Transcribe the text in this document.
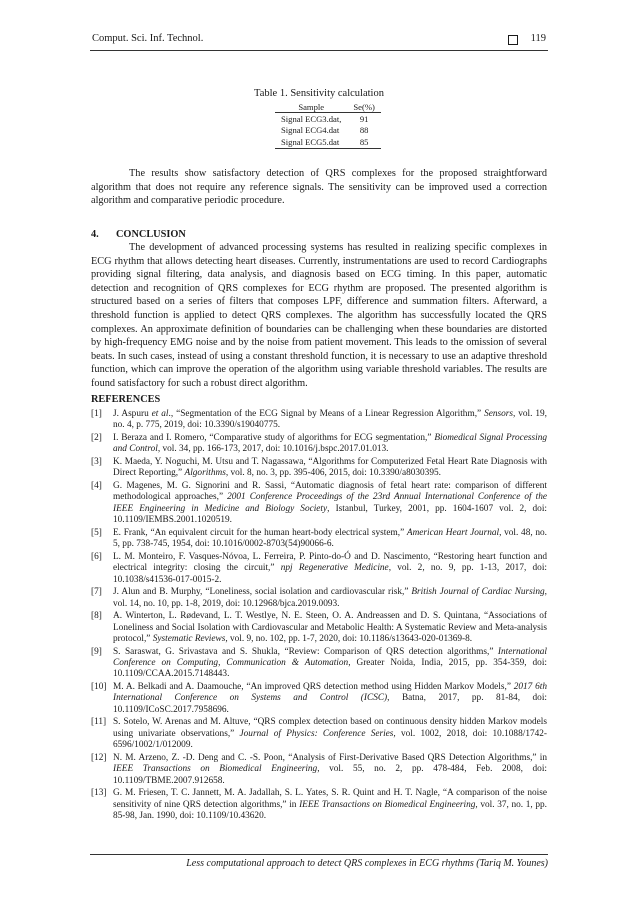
Comput. Sci. Inf. Technol.	119
Table 1. Sensitivity calculation
Sample	Se(%)
Signal ECG3.dat,	91
Signal ECG4.dat	88
Signal ECG5.dat	85
The results show satisfactory detection of QRS complexes for the proposed straightforward algorithm that does not require any reference signals. The sensitivity can be improved used a correction algorithm and comparative periodic procedure.
4. CONCLUSION
The development of advanced processing systems has resulted in realizing specific complexes in ECG rhythm that allows detecting heart diseases. Currently, instrumentations are used to record Cardiographs providing signal filtering, data analysis, and diagnosis based on ECG timing. In this paper, automatic detection and recognition of QRS complexes for ECG rhythm are proposed. The presented algorithm is structured based on a series of filters that composes LPF, difference and summation filters. Afterward, a threshold function is applied to detect QRS complexes. The algorithm has successfully located the QRS complexes. An approximate definition of boundaries can be challenging when these boundaries are distorted by high-frequency EMG noise and by the noise from patient movement. This leads to the omission of several beats. In such cases, instead of using a constant threshold function, it is necessary to use an adaptive threshold function, which can improve the operation of the algorithm using variable threshold variables. The results are found satisfactory for such a robust direct algorithm.
REFERENCES
[1] J. Aspuru et al., “Segmentation of the ECG Signal by Means of a Linear Regression Algorithm,” Sensors, vol. 19, no. 4, p. 775, 2019, doi: 10.3390/s19040775.
[2] I. Beraza and I. Romero, “Comparative study of algorithms for ECG segmentation,” Biomedical Signal Processing and Control, vol. 34, pp. 166-173, 2017, doi: 10.1016/j.bspc.2017.01.013.
[3] K. Maeda, Y. Noguchi, M. Utsu and T. Nagassawa, “Algorithms for Computerized Fetal Heart Rate Diagnosis with Direct Reporting,” Algorithms, vol. 8, no. 3, pp. 395-406, 2015, doi: 10.3390/a8030395.
[4] G. Magenes, M. G. Signorini and R. Sassi, “Automatic diagnosis of fetal heart rate: comparison of different methodological approaches,” 2001 Conference Proceedings of the 23rd Annual International Conference of the IEEE Engineering in Medicine and Biology Society, Istanbul, Turkey, 2001, pp. 1604-1607 vol. 2, doi: 10.1109/IEMBS.2001.1020519.
[5] E. Frank, “An equivalent circuit for the human heart-body electrical system,” American Heart Journal, vol. 48, no. 5, pp. 738-745, 1954, doi: 10.1016/0002-8703(54)90066-6.
[6] L. M. Monteiro, F. Vasques-Nóvoa, L. Ferreira, P. Pinto-do-Ó and D. Nascimento, “Restoring heart function and electrical integrity: closing the circuit,” npj Regenerative Medicine, vol. 2, no. 9, pp. 1-13, 2017, doi: 10.1038/s41536-017-0015-2.
[7] J. Alun and B. Murphy, “Loneliness, social isolation and cardiovascular risk,” British Journal of Cardiac Nursing, vol. 14, no. 10, pp. 1-8, 2019, doi: 10.12968/bjca.2019.0093.
[8] A. Winterton, L. Rødevand, L. T. Westlye, N. E. Steen, O. A. Andreassen and D. S. Quintana, “Associations of Loneliness and Social Isolation with Cardiovascular and Metabolic Health: A Systematic Review and Meta-analysis protocol,” Systematic Reviews, vol. 9, no. 102, pp. 1-7, 2020, doi: 10.1186/s13643-020-01369-8.
[9] S. Saraswat, G. Srivastava and S. Shukla, “Review: Comparison of QRS detection algorithms,” International Conference on Computing, Communication & Automation, Greater Noida, India, 2015, pp. 354-359, doi: 10.1109/CCAA.2015.7148443.
[10] M. A. Belkadi and A. Daamouche, “An improved QRS detection method using Hidden Markov Models,” 2017 6th International Conference on Systems and Control (ICSC), Batna, 2017, pp. 81-84, doi: 10.1109/ICoSC.2017.7958696.
[11] S. Sotelo, W. Arenas and M. Altuve, “QRS complex detection based on continuous density hidden Markov models using univariate observations,” Journal of Physics: Conference Series, vol. 1002, 2018, doi: 10.1088/1742-6596/1002/1/012009.
[12] N. M. Arzeno, Z. -D. Deng and C. -S. Poon, “Analysis of First-Derivative Based QRS Detection Algorithms,” in IEEE Transactions on Biomedical Engineering, vol. 55, no. 2, pp. 478-484, Feb. 2008, doi: 10.1109/TBME.2007.912658.
[13] G. M. Friesen, T. C. Jannett, M. A. Jadallah, S. L. Yates, S. R. Quint and H. T. Nagle, “A comparison of the noise sensitivity of nine QRS detection algorithms,” in IEEE Transactions on Biomedical Engineering, vol. 37, no. 1, pp. 85-98, Jan. 1990, doi: 10.1109/10.43620.
Less computational approach to detect QRS complexes in ECG rhythms (Tariq M. Younes)
